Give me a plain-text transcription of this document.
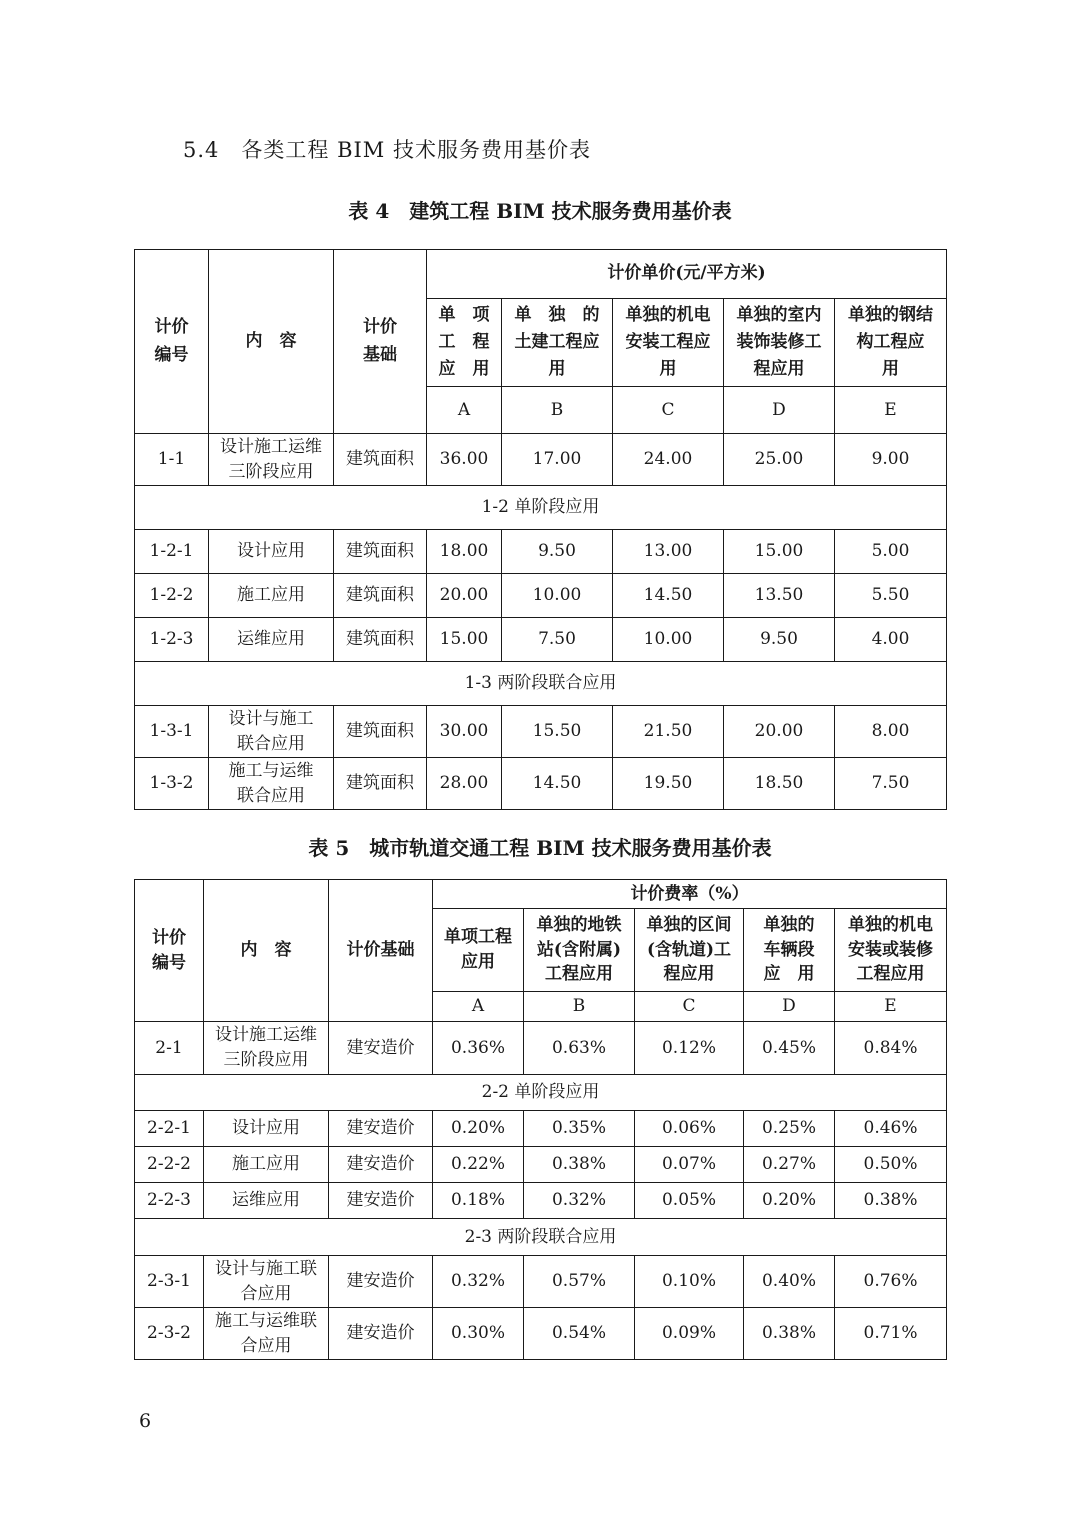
5.4　各类工程 BIM 技术服务费用基价表
表 4　建筑工程 BIM 技术服务费用基价表
计价编号	内　容	计价基础	计价单价(元/平方米)				

			单　项工　程应　用	单　独　的土建工程应　用	单独的机电安装工程应　用	单独的室内装饰装修工程应用	单独的钢结构工程应　用

			A	B	C	D	E
1-1	设计施工运维三阶段应用	建筑面积	36.00	17.00	24.00	25.00	9.00
1-2 单阶段应用							
1-2-1	设计应用	建筑面积	18.00	9.50	13.00	15.00	5.00
1-2-2	施工应用	建筑面积	20.00	10.00	14.50	13.50	5.50
1-2-3	运维应用	建筑面积	15.00	7.50	10.00	9.50	4.00
1-3 两阶段联合应用							
1-3-1	设计与施工联合应用	建筑面积	30.00	15.50	21.50	20.00	8.00
1-3-2	施工与运维联合应用	建筑面积	28.00	14.50	19.50	18.50	7.50
表 5　城市轨道交通工程 BIM 技术服务费用基价表
计价编号	内　容	计价基础	计价费率（%）				

			单项工程应用	单独的地铁站(含附属)工程应用	单独的区间(含轨道)工程应用	单独的车辆段应　用	单独的机电安装或装修工程应用

			A	B	C	D	E
2-1	设计施工运维三阶段应用	建安造价	0.36%	0.63%	0.12%	0.45%	0.84%
2-2 单阶段应用							
2-2-1	设计应用	建安造价	0.20%	0.35%	0.06%	0.25%	0.46%
2-2-2	施工应用	建安造价	0.22%	0.38%	0.07%	0.27%	0.50%
2-2-3	运维应用	建安造价	0.18%	0.32%	0.05%	0.20%	0.38%
2-3 两阶段联合应用							
2-3-1	设计与施工联合应用	建安造价	0.32%	0.57%	0.10%	0.40%	0.76%
2-3-2	施工与运维联合应用	建安造价	0.30%	0.54%	0.09%	0.38%	0.71%
6
